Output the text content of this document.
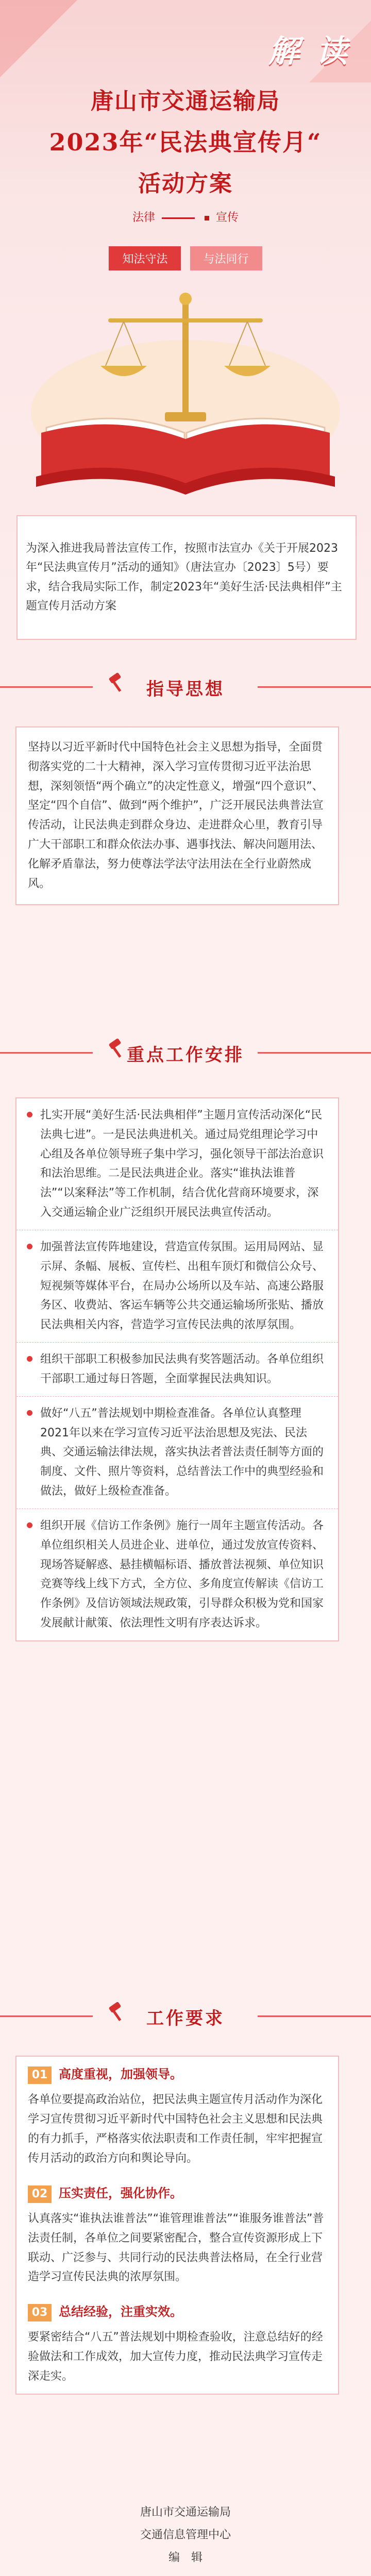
解 读
唐山市交通运输局
2023年“民法典宣传月“
活动方案
法律	宣传
知法守法	与法同行

为深入推进我局普法宣传工作，按照市法宣办《关于开展2023年“民法典宣传月”活动的通知》（唐法宣办〔2023〕5号）要求，结合我局实际工作，制定2023年“美好生活·民法典相伴”主题宣传月活动方案

指导思想

坚持以习近平新时代中国特色社会主义思想为指导，全面贯彻落实党的二十大精神，深入学习宣传贯彻习近平法治思想，深刻领悟“两个确立”的决定性意义，增强“四个意识”、坚定“四个自信”、做到“两个维护”，广泛开展民法典普法宣传活动，让民法典走到群众身边、走进群众心里，教育引导广大干部职工和群众依法办事、遇事找法、解决问题用法、化解矛盾靠法，努力使尊法学法守法用法在全行业蔚然成风。

重点工作安排

扎实开展“美好生活·民法典相伴”主题月宣传活动深化“民法典七进”。一是民法典进机关。通过局党组理论学习中心组及各单位领导班子集中学习，强化领导干部法治意识和法治思维。二是民法典进企业。落实“谁执法谁普法”“以案释法”等工作机制，结合优化营商环境要求，深入交通运输企业广泛组织开展民法典宣传活动。

加强普法宣传阵地建设，营造宣传氛围。运用局网站、显示屏、条幅、展板、宣传栏、出租车顶灯和微信公众号、短视频等媒体平台，在局办公场所以及车站、高速公路服务区、收费站、客运车辆等公共交通运输场所张贴、播放民法典相关内容，营造学习宣传民法典的浓厚氛围。

组织干部职工积极参加民法典有奖答题活动。各单位组织干部职工通过每日答题，全面掌握民法典知识。

做好“八五”普法规划中期检查准备。各单位认真整理2021年以来在学习宣传习近平法治思想及宪法、民法典、交通运输法律法规，落实执法者普法责任制等方面的制度、文件、照片等资料，总结普法工作中的典型经验和做法，做好上级检查准备。

组织开展《信访工作条例》施行一周年主题宣传活动。各单位组织相关人员进企业、进单位，通过发放宣传资料、现场答疑解惑、悬挂横幅标语、播放普法视频、单位知识竞赛等线上线下方式，全方位、多角度宣传解读《信访工作条例》及信访领域法规政策，引导群众积极为党和国家发展献计献策、依法理性文明有序表达诉求。

工作要求
01 高度重视，加强领导。

各单位要提高政治站位，把民法典主题宣传月活动作为深化学习宣传贯彻习近平新时代中国特色社会主义思想和民法典的有力抓手，严格落实依法职责和工作责任制，牢牢把握宣传月活动的政治方向和舆论导向。

02 压实责任，强化协作。

认真落实“谁执法谁普法”“谁管理谁普法”“谁服务谁普法”普法责任制，各单位之间要紧密配合，整合宣传资源形成上下联动、广泛参与、共同行动的民法典普法格局，在全行业营造学习宣传民法典的浓厚氛围。

03 总结经验，注重实效。

要紧密结合“八五”普法规划中期检查验收，注意总结好的经验做法和工作成效，加大宣传力度，推动民法典学习宣传走深走实。

唐山市交通运输局
交通信息管理中心
编　辑
